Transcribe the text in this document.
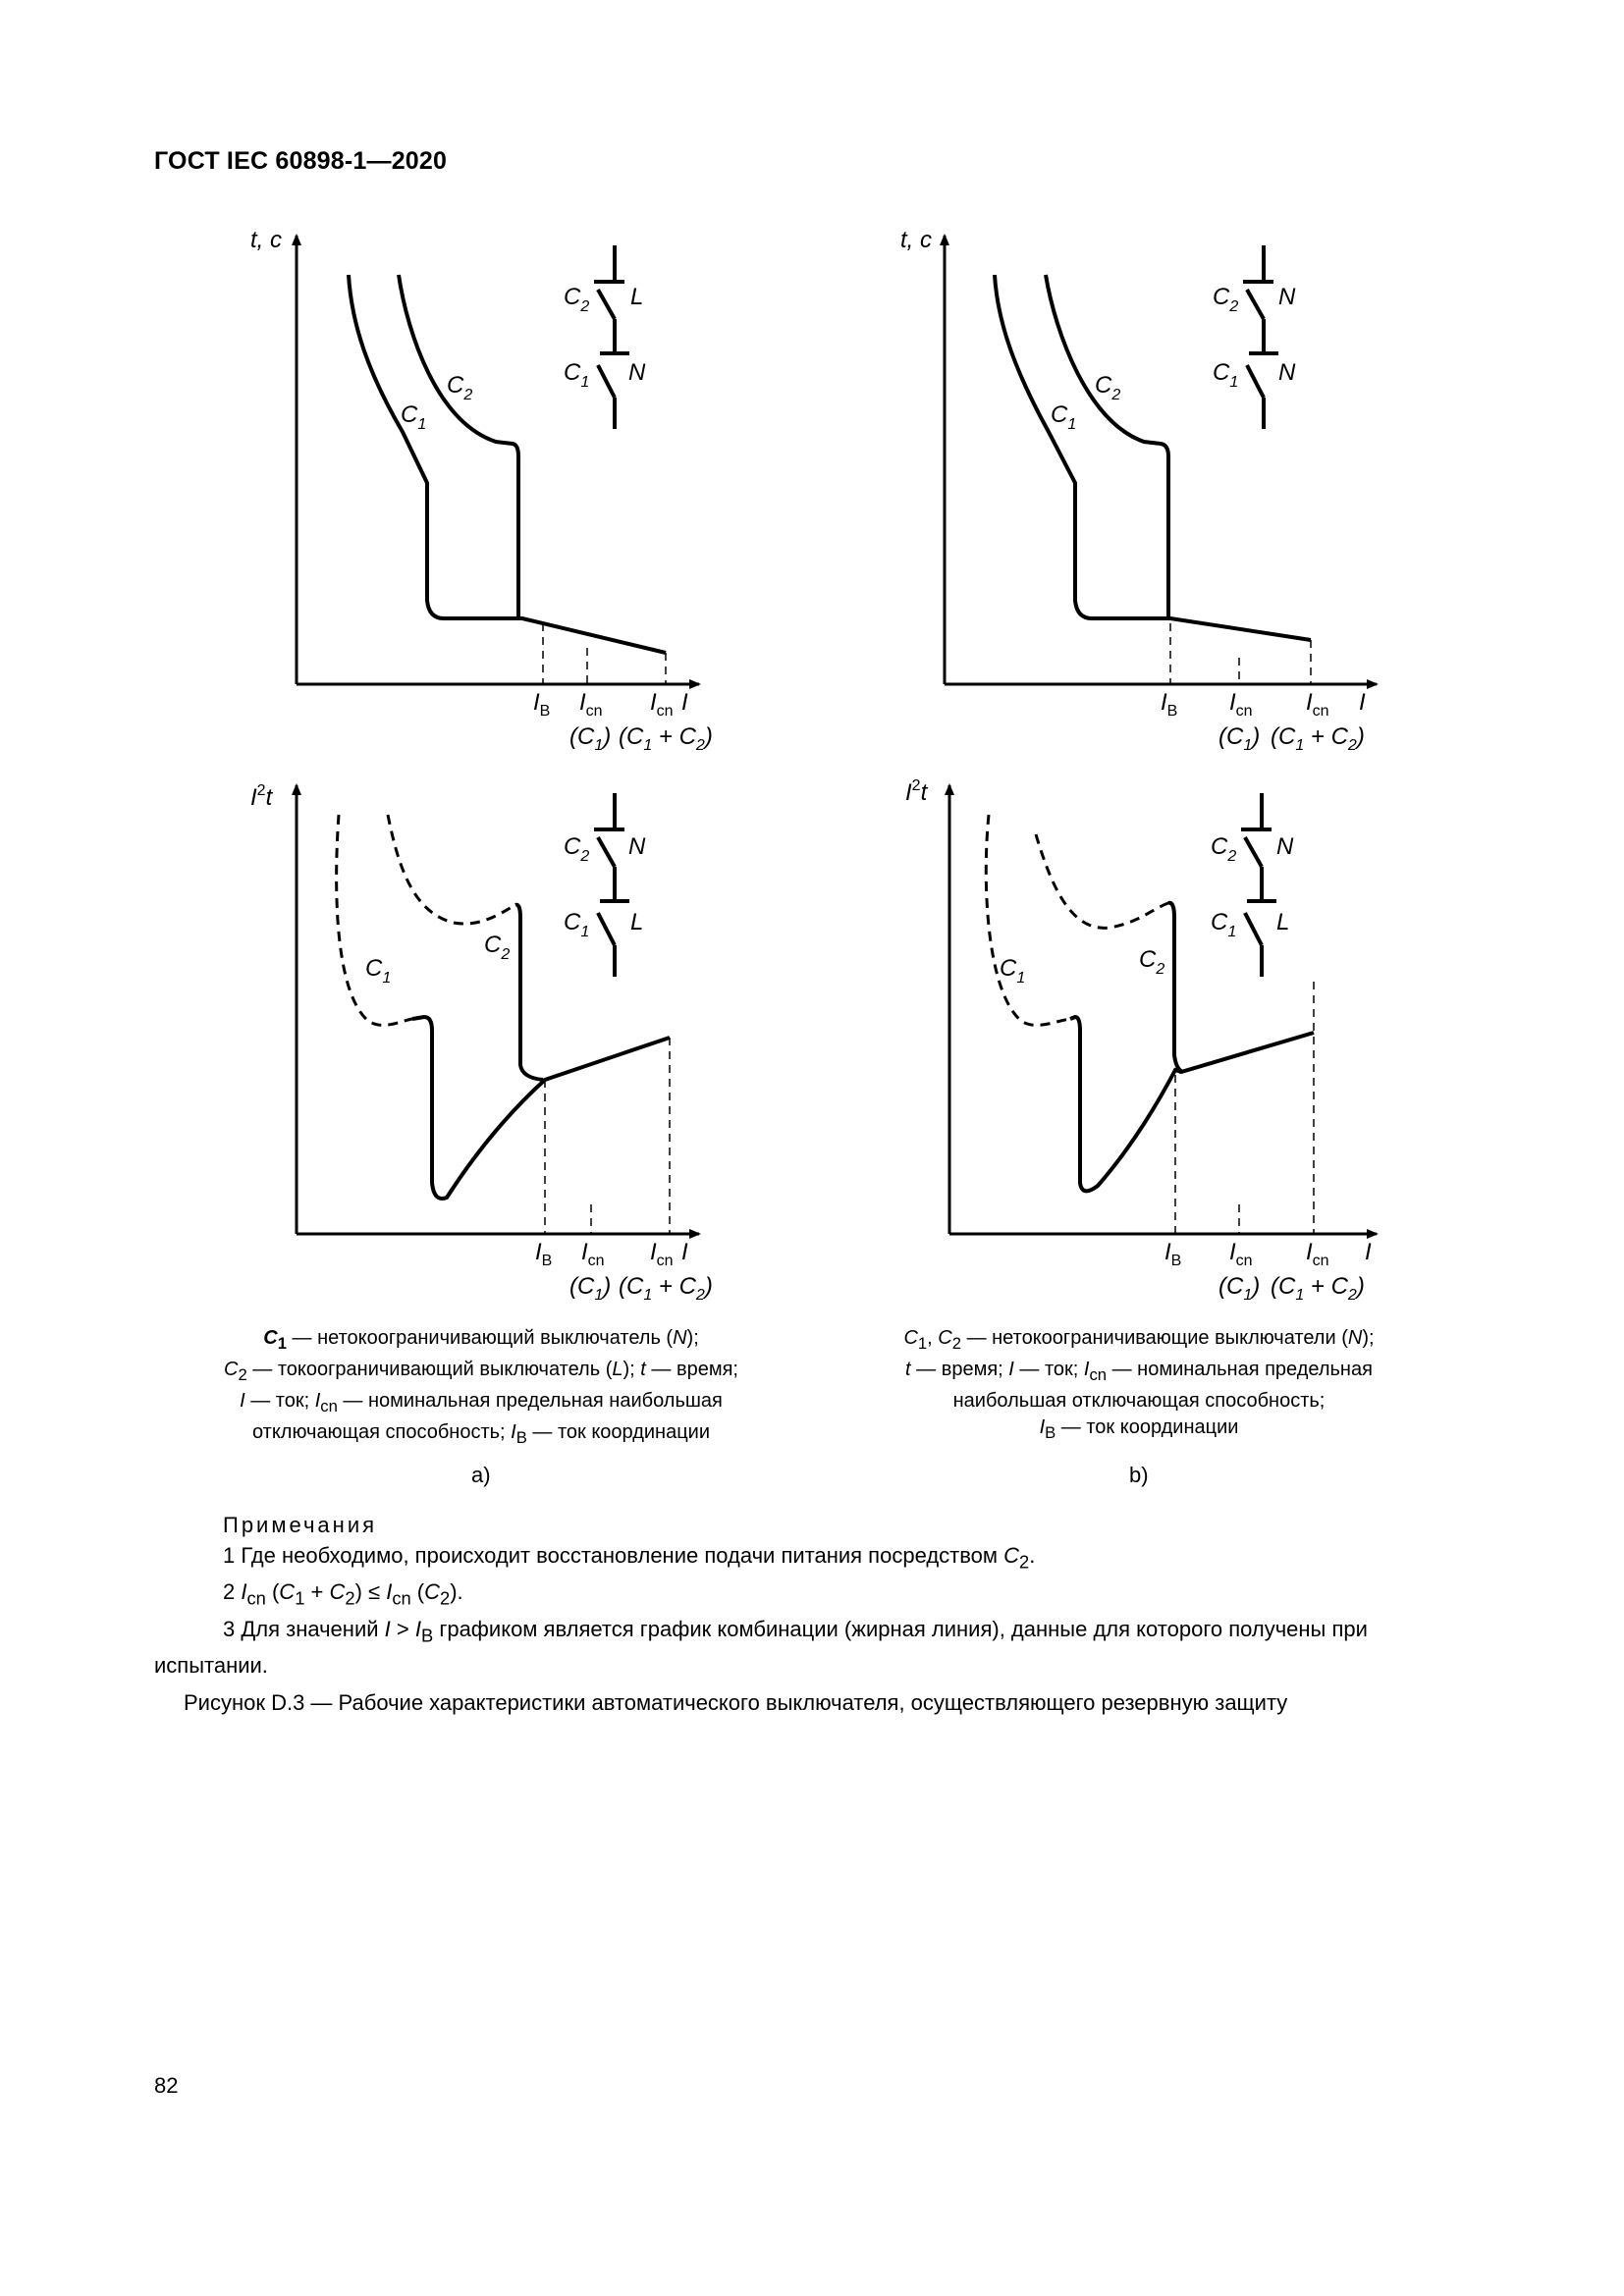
ГОСТ IEC 60898-1—2020
t, с
I
$C_1$
$C_2$
$I_B$ $I_{cn}$ $I_{cn}$
$(C_1) (C_1 + C_2)$
$C_2$ L
$C_1$ N
t, с
I
$C_1$
$C_2$
$I_B$ $I_{cn}$ $I_{cn}$
$(C_1) (C_1 + C_2)$
$C_2$ N
$C_1$ N
$I^2t$
I
$C_1$
$C_2$
$I_B$ $I_{cn}$ $I_{cn}$
$(C_1) (C_1 + C_2)$
$C_2$ N
$C_1$ L
$I^2t$
I
$C_1$
$C_2$
$I_B$ $I_{cn}$ $I_{cn}$
$(C_1) (C_1 + C_2)$
$C_2$ N
$C_1$ L
$C_1$ — нетокоограничивающий выключатель (N);
$C_2$ — токоограничивающий выключатель (L); t — время;
I — ток; $I_{cn}$ — номинальная предельная наибольшая
отключающая способность; $I_B$ — ток координации
a)
$C_1$, $C_2$ — нетокоограничивающие выключатели (N);
t — время; I — ток; $I_{cn}$ — номинальная предельная
наибольшая отключающая способность;
$I_B$ — ток координации
b)
Примечания
1 Где необходимо, происходит восстановление подачи питания посредством $C_2$.
2 $I_{cn}$ $(C_1 + C_2) \le I_{cn}$ $(C_2)$.
3 Для значений $I > I_B$ графиком является график комбинации (жирная линия), данные для которого получены при испытании.
Рисунок D.3 — Рабочие характеристики автоматического выключателя, осуществляющего резервную защиту
82
